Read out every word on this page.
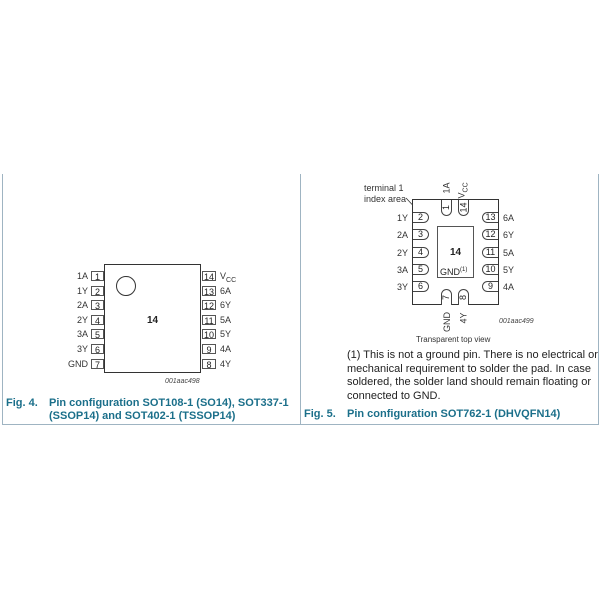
14
1
1A
2
1Y
3
2A
4
2Y
5
3A
6
3Y
7
GND
14 $V_{CC}$
13 6A
12 6Y
11 5A
10 5Y
9 4A
8 4Y
001aac498
Fig. 4. Pin configuration SOT108-1 (SO14), SOT337-1
(SSOP14) and SOT402-1 (TSSOP14)
terminal 1
index area
14
GND$^{(1)}$
2
1Y
3
2A
4
2Y
5
3A
6
3Y
13 6A
12 6Y
11 5A
10 5Y
9	4A
1
1A
14
$V_{CC}$
7
GND
8
4Y	001aac499
Transparent top view
(1) This is not a ground pin. There is no electrical or mechanical requirement to solder the pad. In case soldered, the solder land should remain floating or connected to GND.
Fig. 5. Pin configuration SOT762-1 (DHVQFN14)
